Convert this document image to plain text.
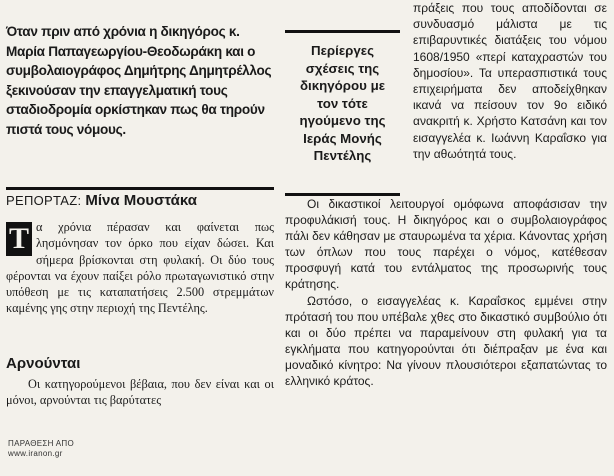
Όταν πριν από χρόνια η δικηγόρος κ. Μαρία Παπαγεωργίου-Θεοδωράκη και ο συμβολαιογράφος Δημήτρης Δημητρέλλος ξεκινούσαν την επαγγελματική τους σταδιοδρομία ορκίστηκαν πως θα τηρούν πιστά τους νόμους.
ΡΕΠΟΡΤΑΖ: Μίνα Μουστάκα

Τ α χρόνια πέρασαν και φαίνεται πως λησμόνησαν τον όρκο που είχαν δώσει. Και σήμερα βρίσκονται στη φυλακή. Οι δύο τους φέρονται να έχουν παίξει ρόλο πρωταγωνιστικό στην υπόθεση με τις καταπατήσεις 2.500 στρεμμάτων καμένης γης στην περιοχή της Πεντέλης.

Αρνούνται

Οι κατηγορούμενοι βέβαια, που δεν είναι και οι μόνοι, αρνούνται τις βαρύτατες

Περίεργες
σχέσεις της
δικηγόρου με
τον τότε
ηγούμενο της
Ιεράς Μονής
Πεντέλης

πράξεις που τους αποδίδονται σε συνδυασμό μάλιστα με τις επιβαρυντικές διατάξεις του νόμου 1608/1950 «περί καταχραστών του δημοσίου». Τα υπερασπιστικά τους επιχειρήματα δεν αποδείχθηκαν ικανά να πείσουν τον 9ο ειδικό ανακριτή κ. Χρήστο Κατσάνη και τον εισαγγελέα κ. Ιωάννη Καραΐσκο για την αθωότητά τους.

Οι δικαστικοί λειτουργοί ομόφωνα αποφάσισαν την προφυλάκισή τους. Η δικηγόρος και ο συμβολαιογράφος πάλι δεν κάθησαν με σταυρωμένα τα χέρια. Κάνοντας χρήση των όπλων που τους παρέχει ο νόμος, κατέθεσαν προσφυγή κατά του εντάλματος της προσωρινής τους κράτησης.

Ωστόσο, ο εισαγγελέας κ. Καραΐσκος εμμένει στην πρότασή του που υπέβαλε χθες στο δικαστικό συμβούλιο ότι και οι δύο πρέπει να παραμείνουν στη φυλακή για τα εγκλήματα που κατηγορούνται ότι διέπραξαν με ένα και μοναδικό κίνητρο: Να γίνουν πλουσιότεροι εξαπατώντας το ελληνικό κράτος.

ΠΑΡΑΘΕΣΗ ΑΠΟ
www.iranon.gr
